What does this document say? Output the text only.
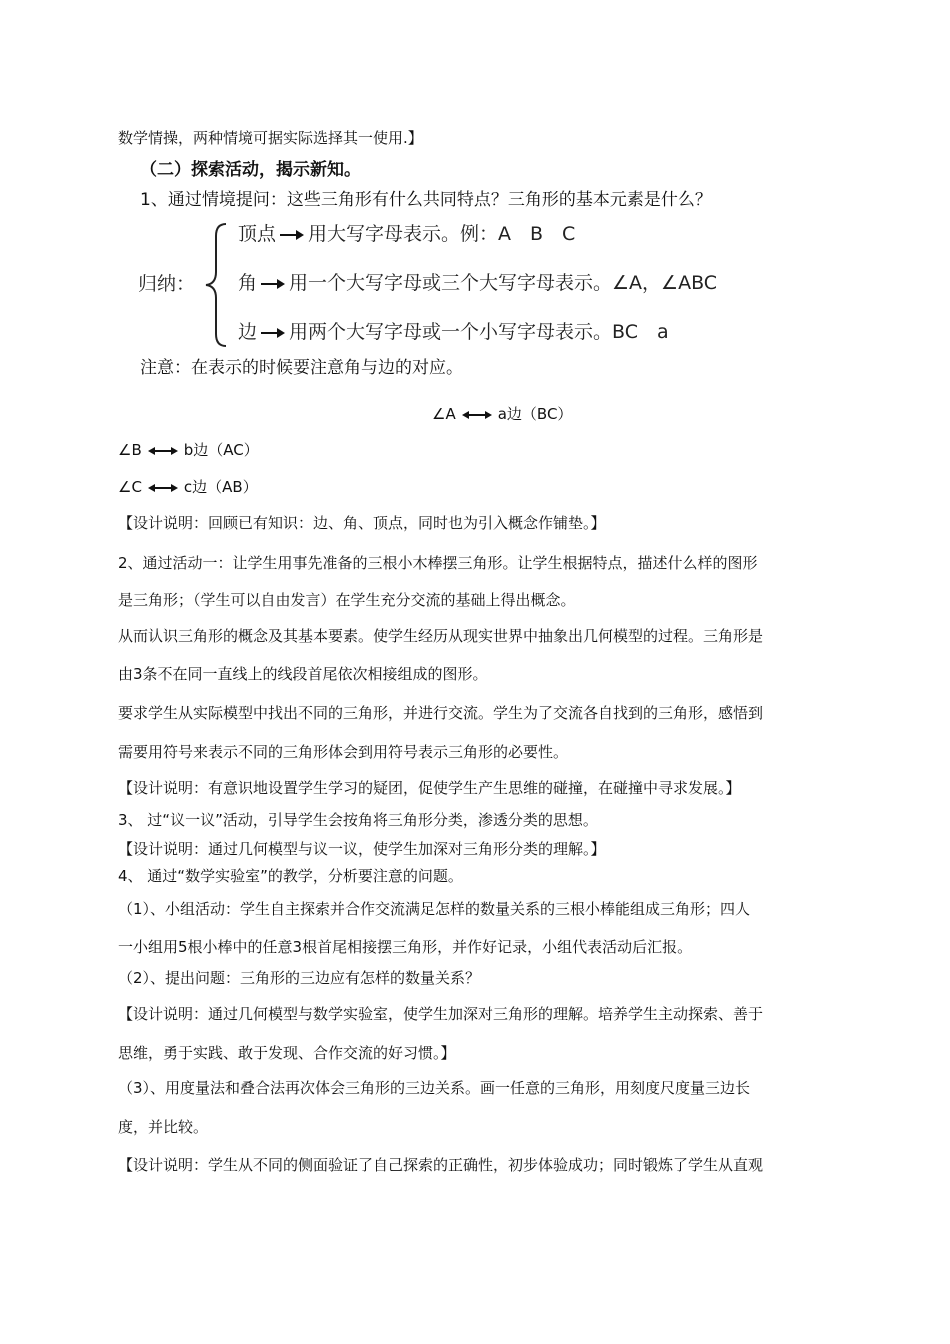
数学情操，两种情境可据实际选择其一使用.】
（二）探索活动，揭示新知。
1、通过情境提问：这些三角形有什么共同特点？三角形的基本元素是什么？
归纳：
顶点 用大写字母表示。例：A　B　C
角 用一个大写字母或三个大写字母表示。∠A，∠ABC
边 用两个大写字母或一个小写字母表示。BC　a
注意：在表示的时候要注意角与边的对应。
∠A	a边（BC）
∠B	b边（AC）
∠C	c边（AB）
【设计说明：回顾已有知识：边、角、顶点，同时也为引入概念作铺垫。】
2、通过活动一：让学生用事先准备的三根小木棒摆三角形。让学生根据特点，描述什么样的图形
是三角形；（学生可以自由发言）在学生充分交流的基础上得出概念。
从而认识三角形的概念及其基本要素。使学生经历从现实世界中抽象出几何模型的过程。三角形是
由3条不在同一直线上的线段首尾依次相接组成的图形。
要求学生从实际模型中找出不同的三角形，并进行交流。学生为了交流各自找到的三角形，感悟到
需要用符号来表示不同的三角形体会到用符号表示三角形的必要性。
【设计说明：有意识地设置学生学习的疑团，促使学生产生思维的碰撞，在碰撞中寻求发展。】
3、 过“议一议”活动，引导学生会按角将三角形分类，渗透分类的思想。
【设计说明：通过几何模型与议一议，使学生加深对三角形分类的理解。】
4、 通过“数学实验室”的教学，分析要注意的问题。
（1）、小组活动：学生自主探索并合作交流满足怎样的数量关系的三根小棒能组成三角形；四人
一小组用5根小棒中的任意3根首尾相接摆三角形，并作好记录，小组代表活动后汇报。
（2）、提出问题：三角形的三边应有怎样的数量关系？
【设计说明：通过几何模型与数学实验室，使学生加深对三角形的理解。培养学生主动探索、善于
思维，勇于实践、敢于发现、合作交流的好习惯。】
（3）、用度量法和叠合法再次体会三角形的三边关系。画一任意的三角形，用刻度尺度量三边长
度，并比较。
【设计说明：学生从不同的侧面验证了自己探索的正确性，初步体验成功；同时锻炼了学生从直观
